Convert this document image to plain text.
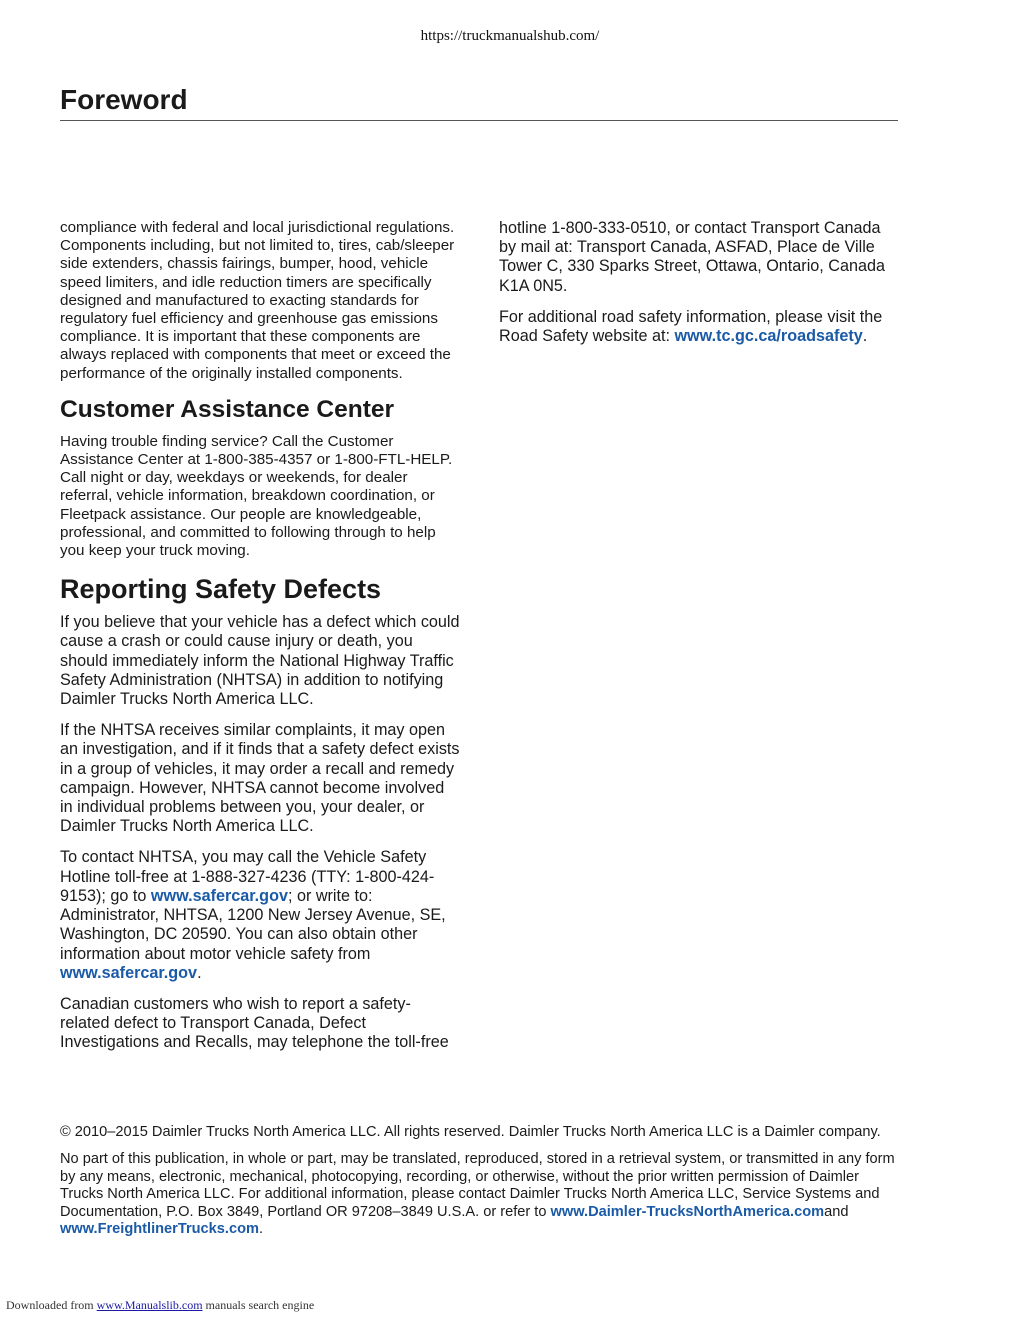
https://truckmanualshub.com/
Foreword

compliance with federal and local jurisdictional regulations. Components including, but not limited to, tires, cab/sleeper side extenders, chassis fairings, bumper, hood, vehicle speed limiters, and idle reduction timers are specifically designed and manufactured to exacting standards for regulatory fuel efficiency and greenhouse gas emissions compliance. It is important that these components are always replaced with components that meet or exceed the performance of the originally installed components.

Customer Assistance Center

Having trouble finding service? Call the Customer Assistance Center at 1-800-385-4357 or 1-800-FTL-HELP. Call night or day, weekdays or weekends, for dealer referral, vehicle information, breakdown coordination, or Fleetpack assistance. Our people are knowledgeable, professional, and committed to following through to help you keep your truck moving.

Reporting Safety Defects

If you believe that your vehicle has a defect which could cause a crash or could cause injury or death, you should immediately inform the National Highway Traffic Safety Administration (NHTSA) in addition to notifying Daimler Trucks North America LLC.

If the NHTSA receives similar complaints, it may open an investigation, and if it finds that a safety defect exists in a group of vehicles, it may order a recall and remedy campaign. However, NHTSA cannot become involved in individual problems between you, your dealer, or Daimler Trucks North America LLC.

To contact NHTSA, you may call the Vehicle Safety Hotline toll-free at 1-888-327-4236 (TTY: 1-800-424-9153); go to www.safercar.gov; or write to: Administrator, NHTSA, 1200 New Jersey Avenue, SE, Washington, DC 20590. You can also obtain other information about motor vehicle safety from www.safercar.gov.

Canadian customers who wish to report a safety-related defect to Transport Canada, Defect Investigations and Recalls, may telephone the toll-free

hotline 1-800-333-0510, or contact Transport Canada by mail at: Transport Canada, ASFAD, Place de Ville Tower C, 330 Sparks Street, Ottawa, Ontario, Canada K1A 0N5.

For additional road safety information, please visit the Road Safety website at: www.tc.gc.ca/roadsafety.

© 2010–2015 Daimler Trucks North America LLC. All rights reserved. Daimler Trucks North America LLC is a Daimler company.

No part of this publication, in whole or part, may be translated, reproduced, stored in a retrieval system, or transmitted in any form by any means, electronic, mechanical, photocopying, recording, or otherwise, without the prior written permission of Daimler Trucks North America LLC. For additional information, please contact Daimler Trucks North America LLC, Service Systems and Documentation, P.O. Box 3849, Portland OR 97208–3849 U.S.A. or refer to www.Daimler-TrucksNorthAmerica.comand www.FreightlinerTrucks.com.

Downloaded from www.Manualslib.com manuals search engine
